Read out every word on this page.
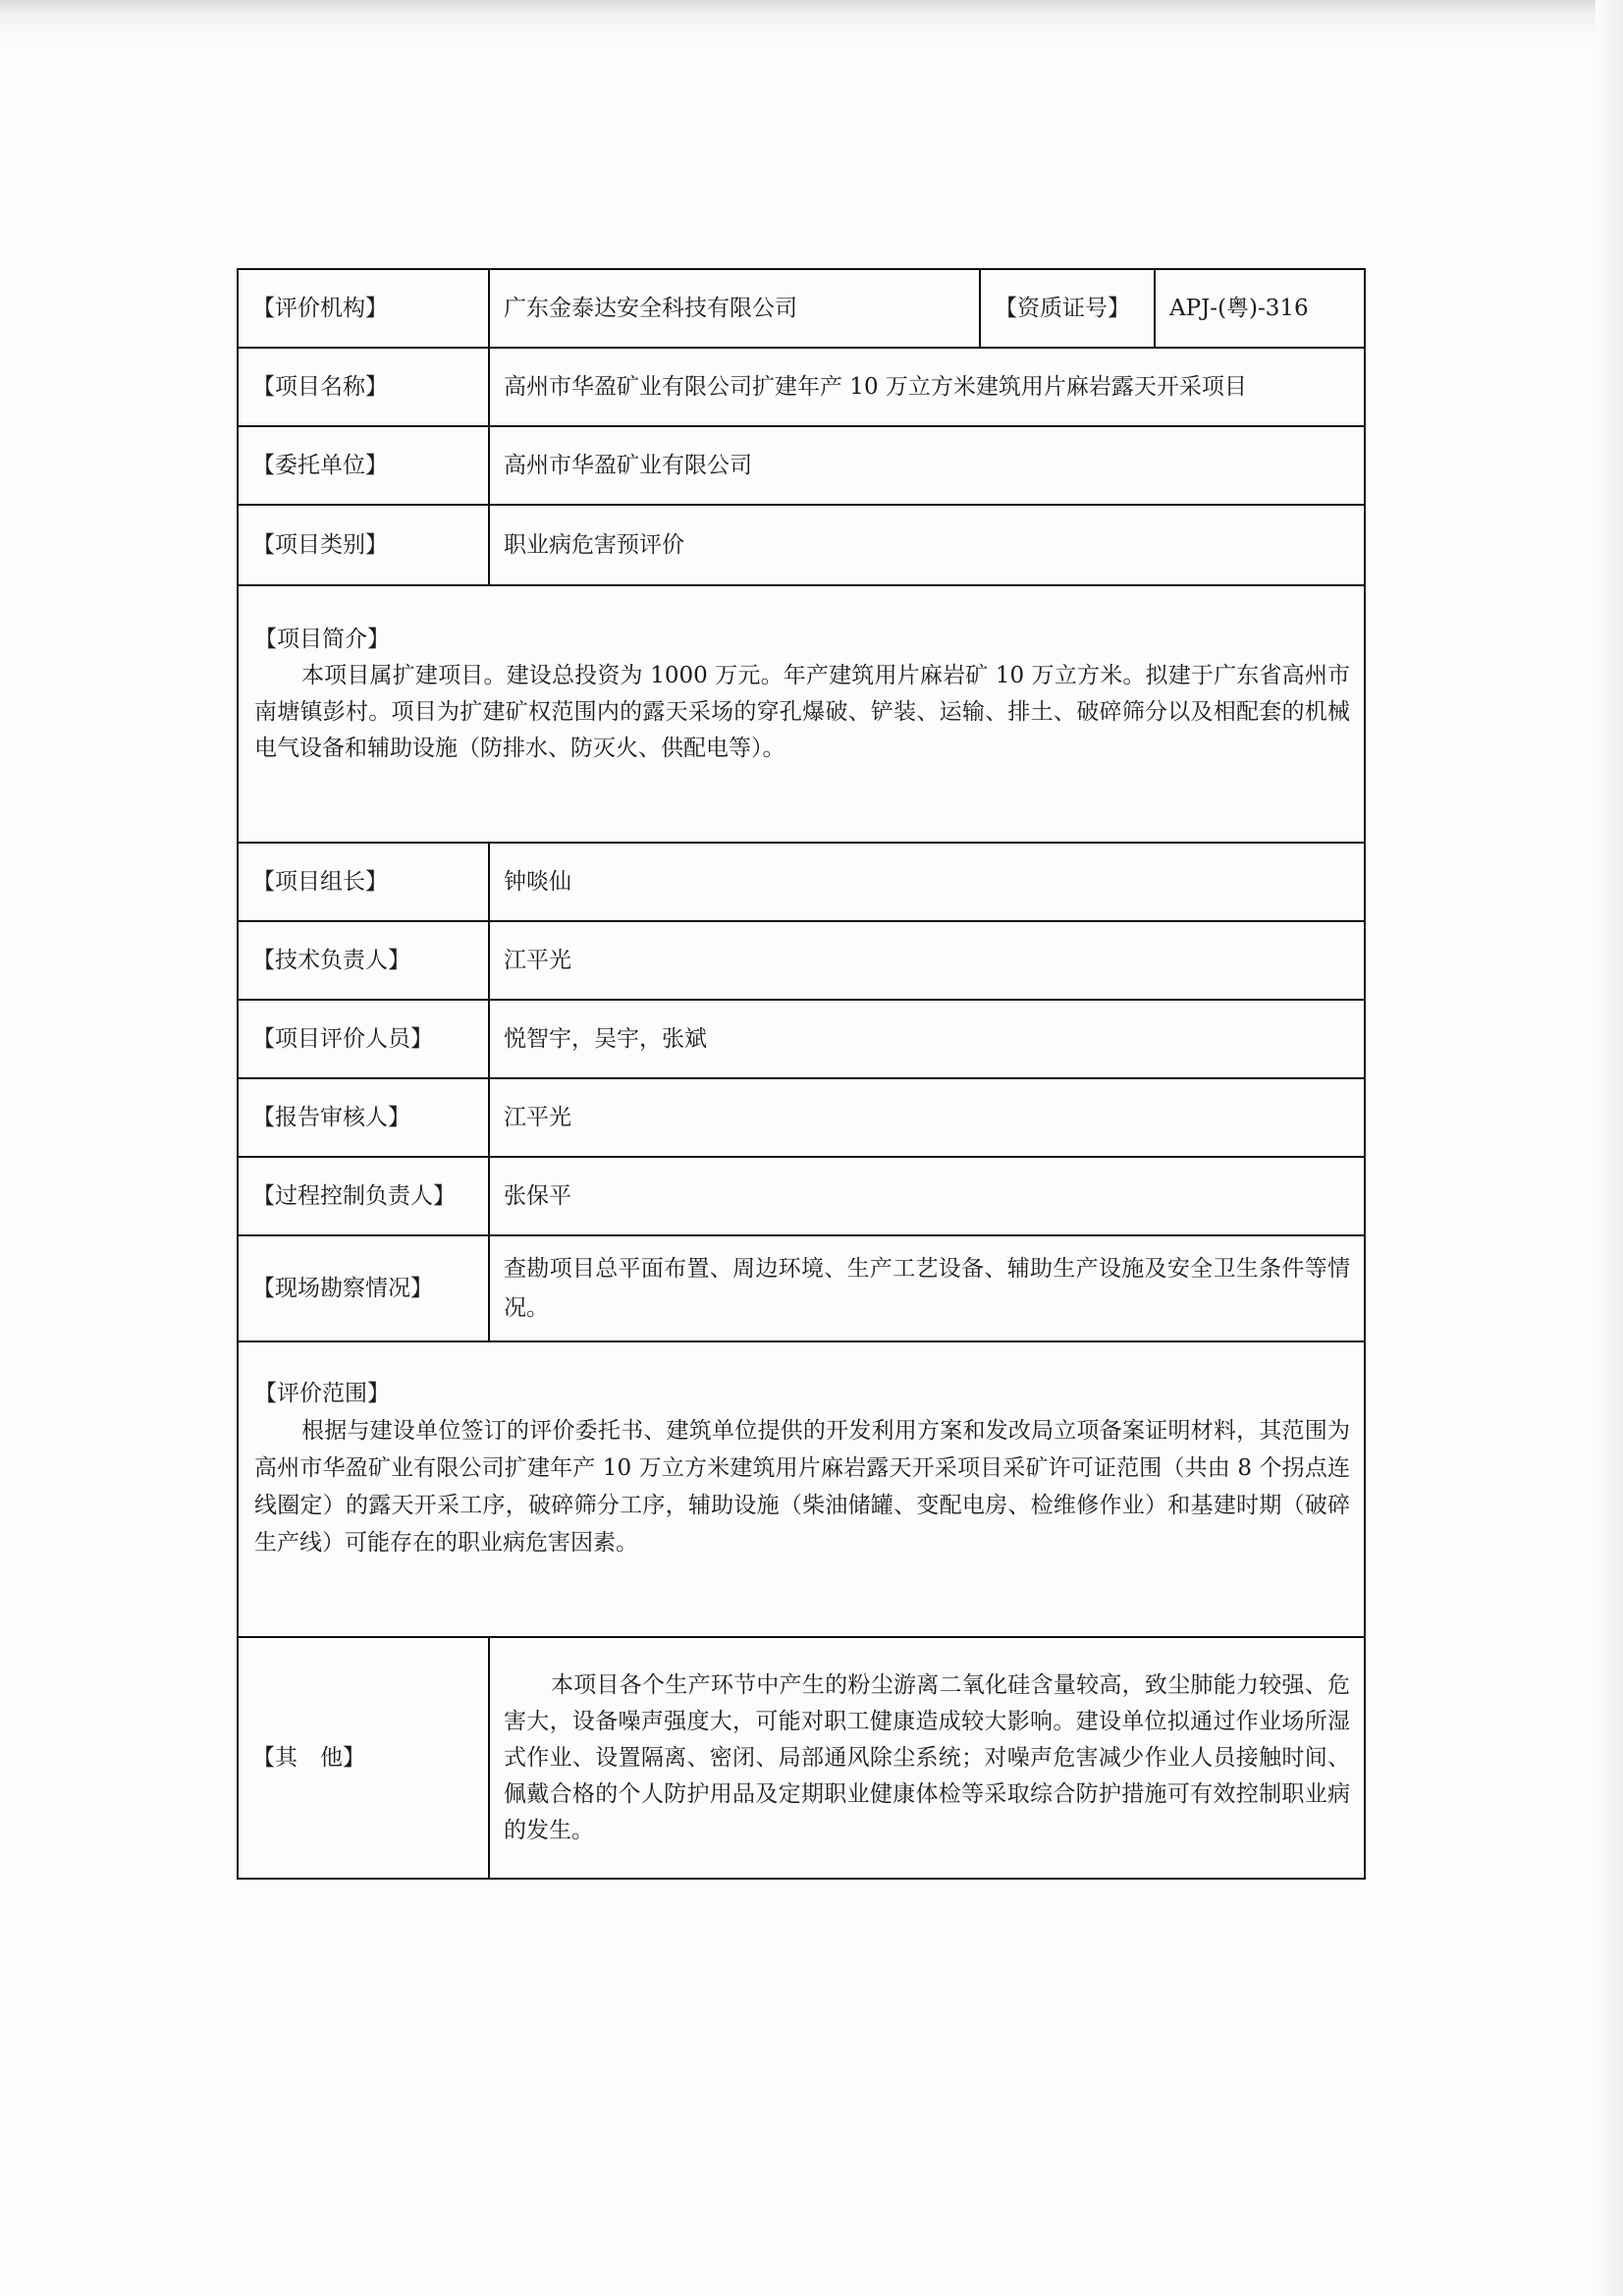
【评价机构】	广东金泰达安全科技有限公司	【资质证号】	APJ-(粤)-316
【项目名称】	高州市华盈矿业有限公司扩建年产 10 万立方米建筑用片麻岩露天开采项目		
【委托单位】	高州市华盈矿业有限公司		
【项目类别】	职业病危害预评价		

【项目简介】
本项目属扩建项目。建设总投资为 1000 万元。年产建筑用片麻岩矿 10 万立方米。拟建于广东省高州市南塘镇彭村。项目为扩建矿权范围内的露天采场的穿孔爆破、铲装、运输、排土、破碎筛分以及相配套的机械电气设备和辅助设施（防排水、防灭火、供配电等）。			

【项目组长】	钟啖仙		
【技术负责人】	江平光		
【项目评价人员】	悦智宇，吴宇，张斌		
【报告审核人】	江平光		
【过程控制负责人】	张保平		
【现场勘察情况】	查勘项目总平面布置、周边环境、生产工艺设备、辅助生产设施及安全卫生条件等情况。		

【评价范围】
根据与建设单位签订的评价委托书、建筑单位提供的开发利用方案和发改局立项备案证明材料，其范围为高州市华盈矿业有限公司扩建年产 10 万立方米建筑用片麻岩露天开采项目采矿许可证范围（共由 8 个拐点连线圈定）的露天开采工序，破碎筛分工序，辅助设施（柴油储罐、变配电房、检维修作业）和基建时期（破碎生产线）可能存在的职业病危害因素。			

【其　他】	本项目各个生产环节中产生的粉尘游离二氧化硅含量较高，致尘肺能力较强、危害大，设备噪声强度大，可能对职工健康造成较大影响。建设单位拟通过作业场所湿式作业、设置隔离、密闭、局部通风除尘系统；对噪声危害减少作业人员接触时间、佩戴合格的个人防护用品及定期职业健康体检等采取综合防护措施可有效控制职业病的发生。		
